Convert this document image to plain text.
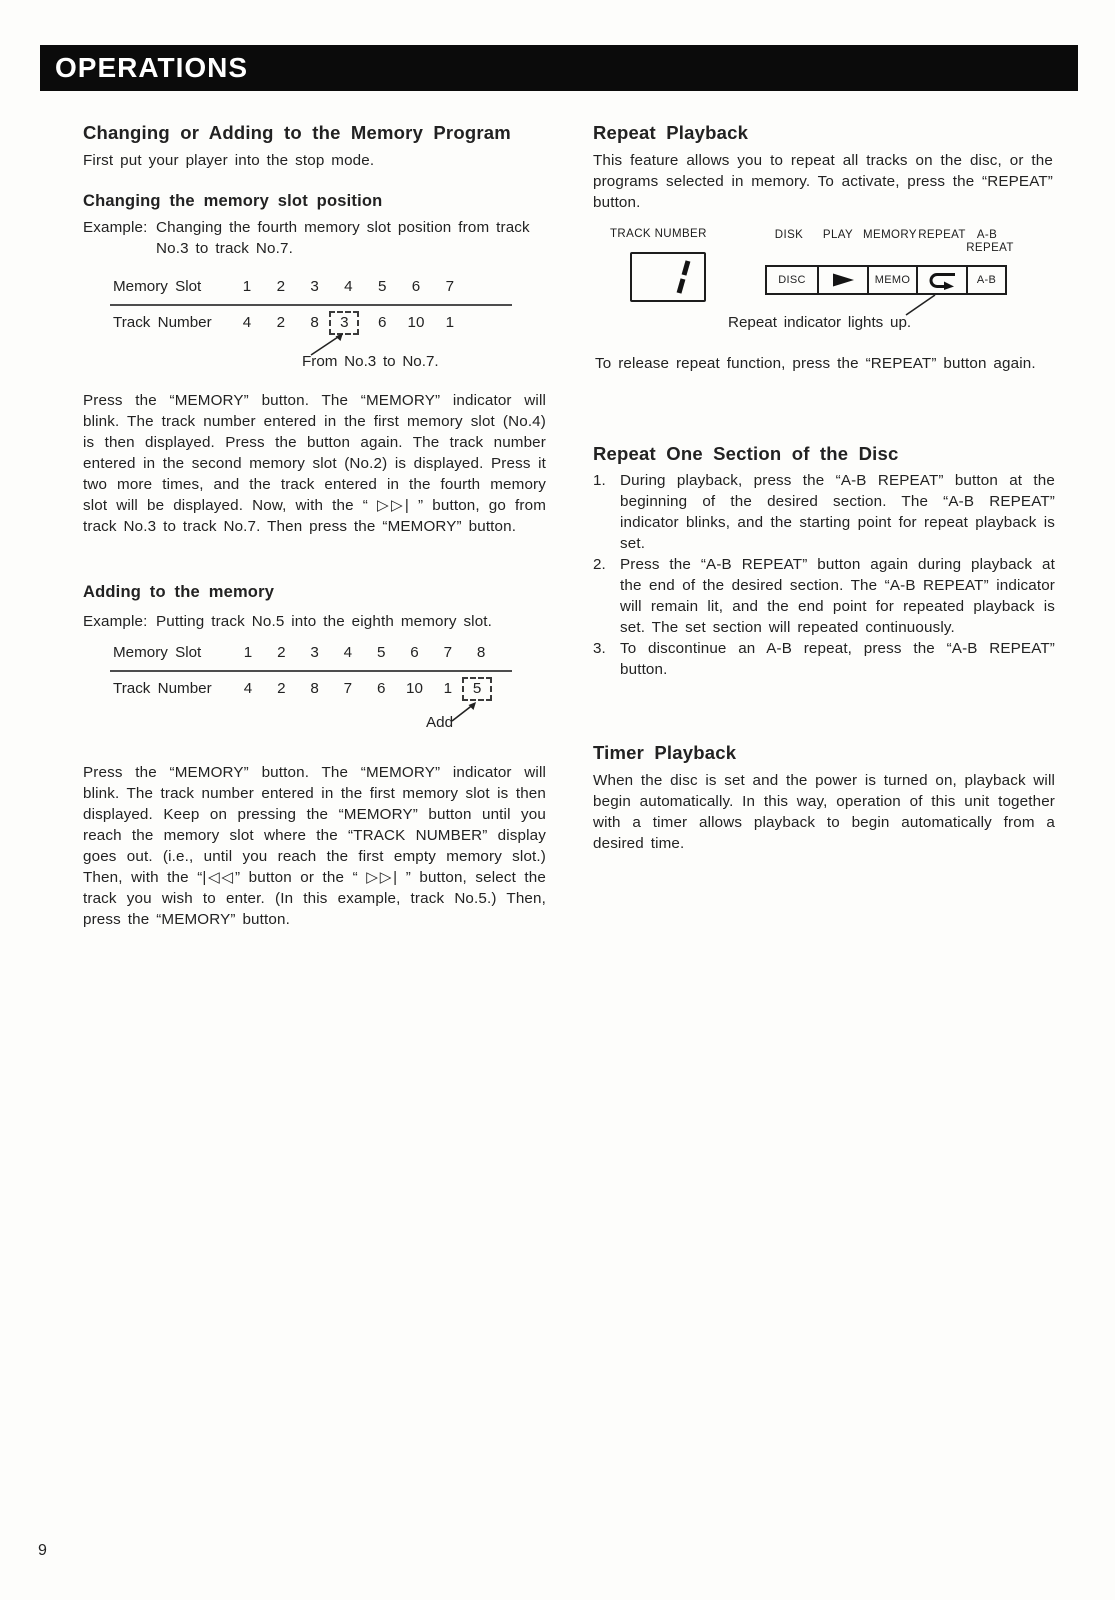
OPERATIONS
Changing or Adding to the Memory Program
First put your player into the stop mode.
Changing the memory slot position
Example: Changing the fourth memory slot position from track No.3 to track No.7.
Memory Slot	1	2	3	4	5	6	7
Track Number	4	2	8	3	6	10	1
From No.3 to No.7.
Press the “MEMORY” button. The “MEMORY” indicator will blink. The track number entered in the first memory slot (No.4) is then displayed. Press the button again. The track number entered in the second memory slot (No.2) is displayed. Press it two more times, and the track entered in the fourth memory slot will be displayed. Now, with the “ ▷▷| ” button, go from track No.3 to track No.7. Then press the “MEMORY” button.
Adding to the memory
Example: Putting track No.5 into the eighth memory slot.
Memory Slot	1	2	3	4	5	6	7	8
Track Number	4	2	8	7	6	10	1	5
Add
Press the “MEMORY” button. The “MEMORY” indicator will blink. The track number entered in the first memory slot is then displayed. Keep on pressing the “MEMORY” button until you reach the memory slot where the “TRACK NUMBER” display goes out. (i.e., until you reach the first empty memory slot.) Then, with the “|◁◁” button or the “ ▷▷| ” button, select the track you wish to enter. (In this example, track No.5.) Then, press the “MEMORY” button.
Repeat Playback
This feature allows you to repeat all tracks on the disc, or the programs selected in memory. To activate, press the “REPEAT” button.
TRACK NUMBER	DISK PLAY MEMORY REPEAT A-B
REPEAT
DISC	MEMO	A-B
Repeat indicator lights up.
To release repeat function, press the “REPEAT” button again.
Repeat One Section of the Disc
1. During playback, press the “A-B REPEAT” button at the beginning of the desired section. The “A-B REPEAT” indicator blinks, and the starting point for repeat playback is set.
2. Press the “A-B REPEAT” button again during playback at the end of the desired section. The “A-B REPEAT” indicator will remain lit, and the end point for repeated playback is set. The set section will repeated continuously.
3. To discontinue an A-B repeat, press the “A-B REPEAT” button.
Timer Playback
When the disc is set and the power is turned on, playback will begin automatically. In this way, operation of this unit together with a timer allows playback to begin automatically from a desired time.
9
